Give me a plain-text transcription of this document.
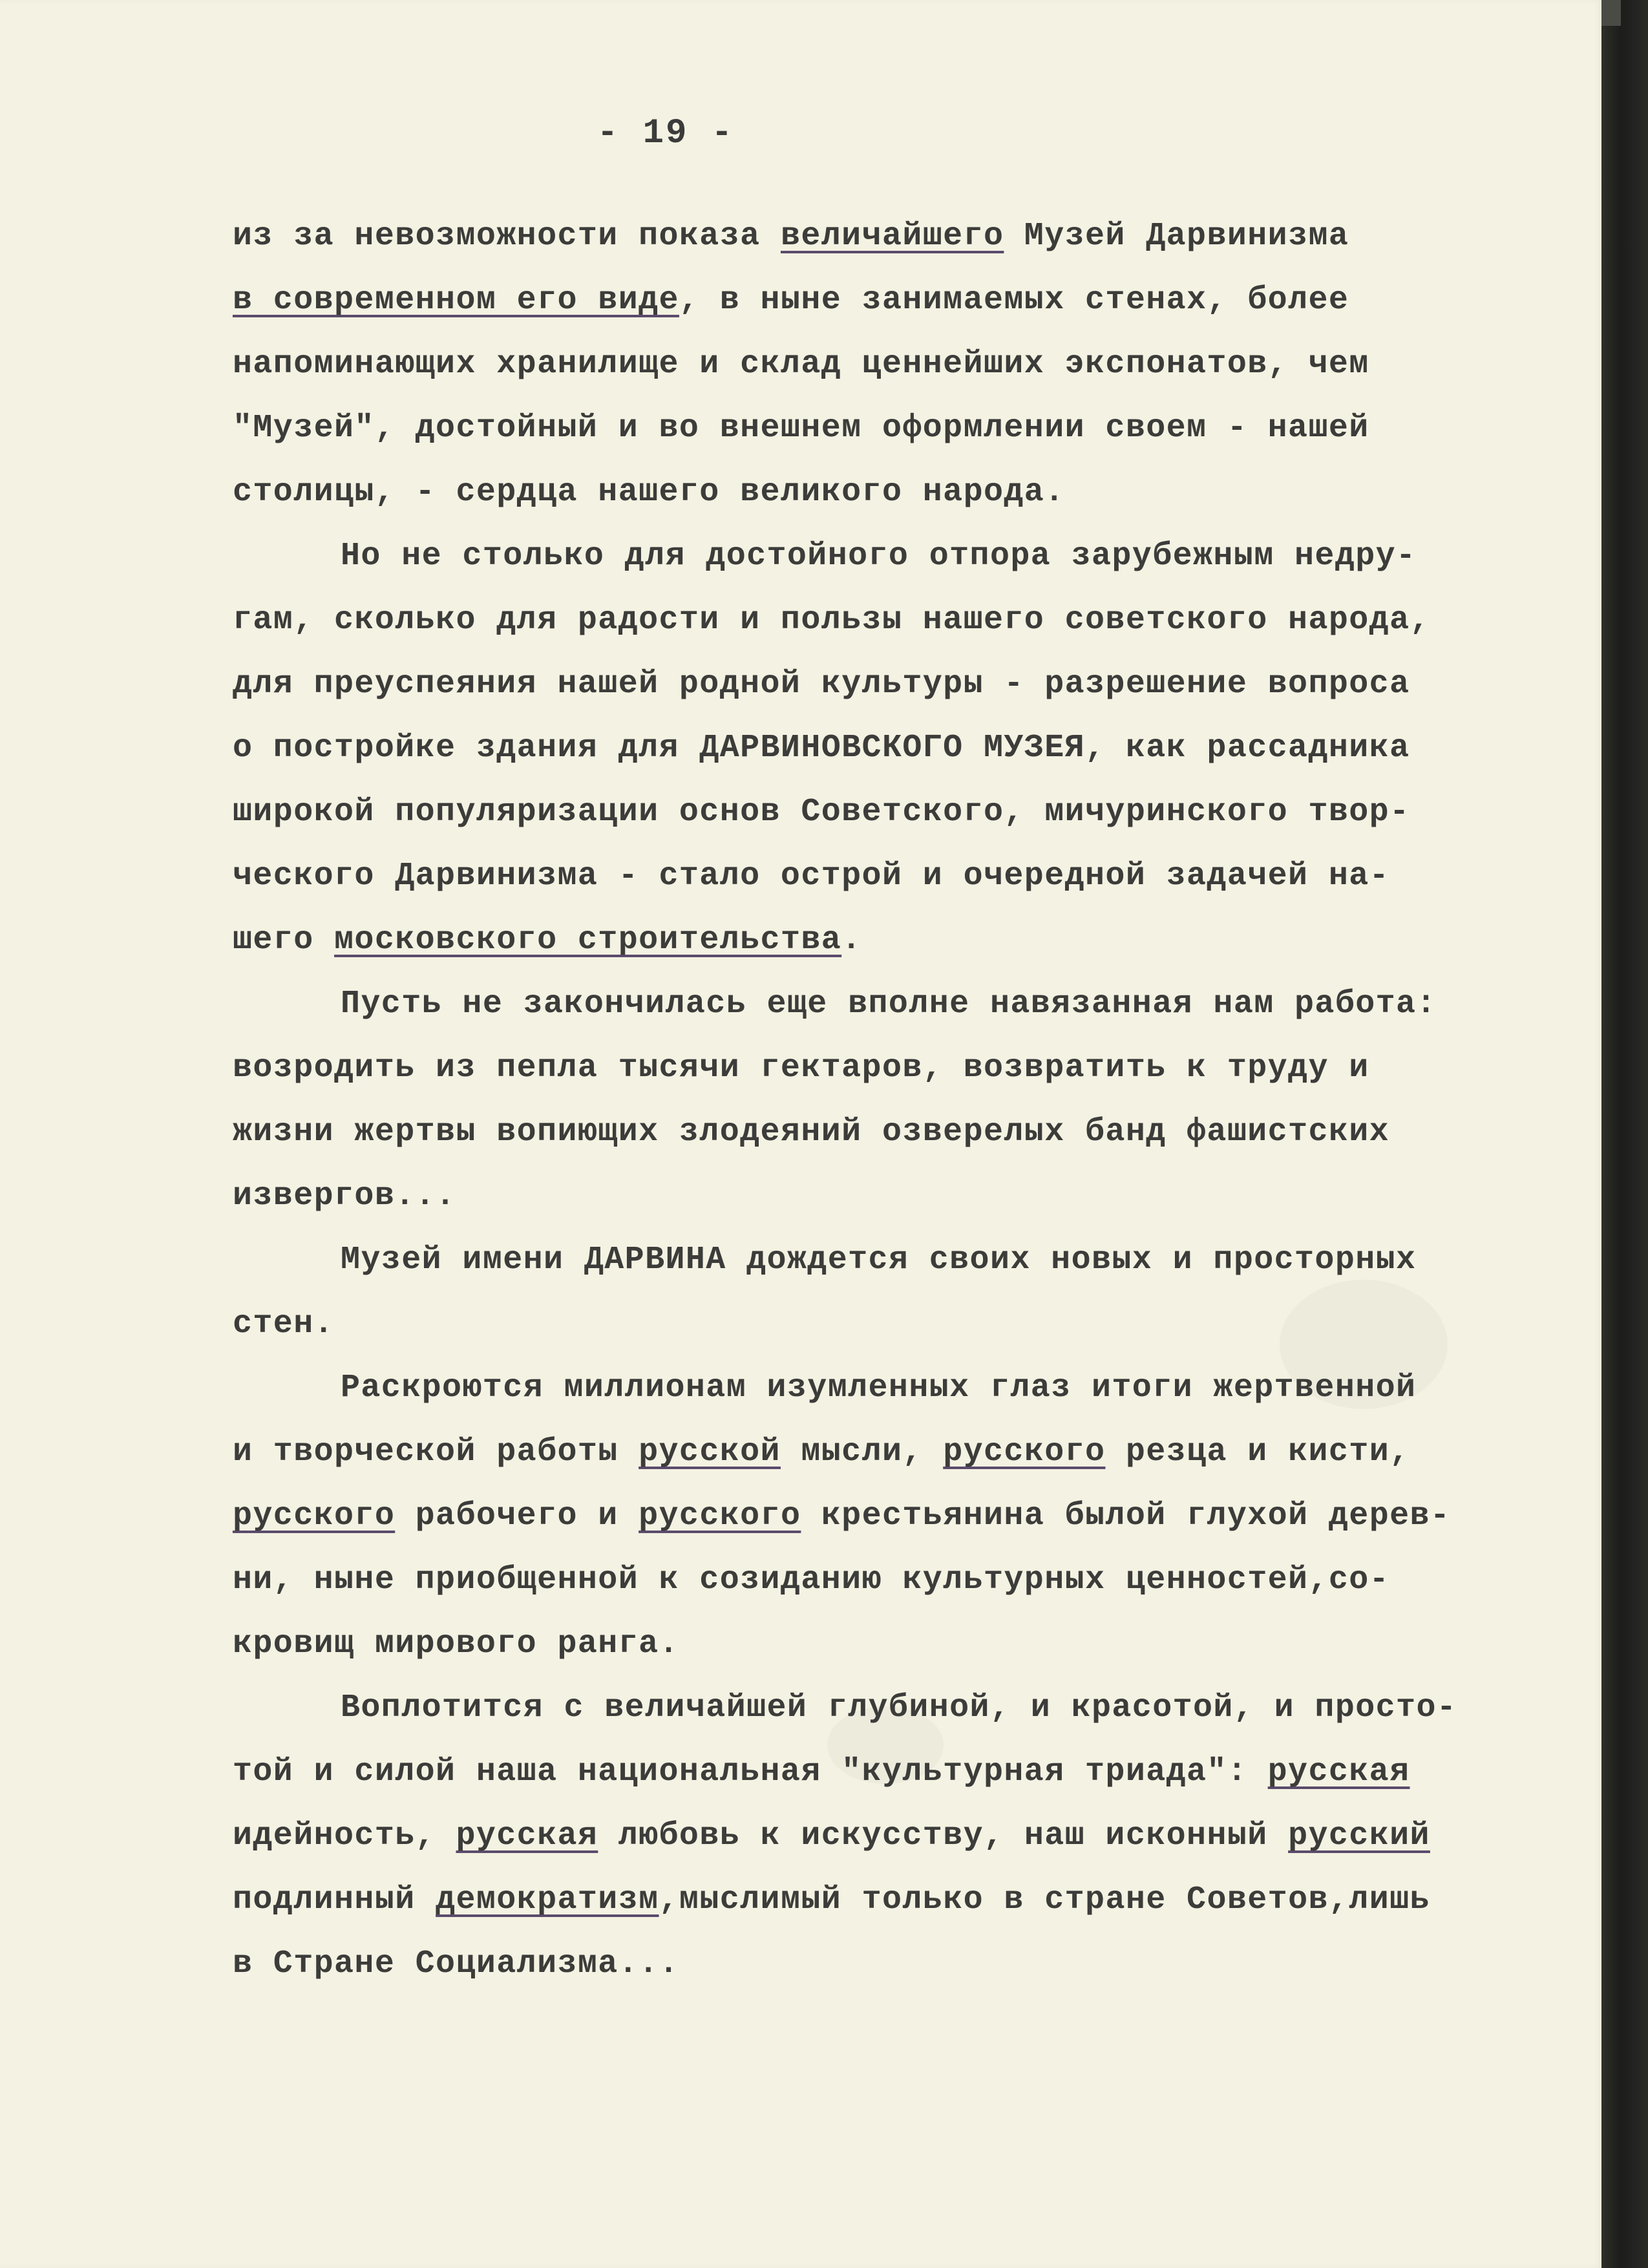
- 19 -
из за невозможности показа величайшего Музей Дарвинизма
в современном его виде, в ныне занимаемых стенах, более
напоминающих хранилище и склад ценнейших экспонатов, чем
"Музей", достойный и во внешнем оформлении своем - нашей
столицы, - сердца нашего великого народа.
Но не столько для достойного отпора зарубежным недру-
гам, сколько для радости и пользы нашего советского народа,
для преуспеяния нашей родной культуры - разрешение вопроса
о постройке здания для ДАРВИНОВСКОГО МУЗЕЯ, как рассадника
широкой популяризации основ Советского, мичуринского твор-
ческого Дарвинизма - стало острой и очередной задачей на-
шего московского строительства.
Пусть не закончилась еще вполне навязанная нам работа:
возродить из пепла тысячи гектаров, возвратить к труду и
жизни жертвы вопиющих злодеяний озверелых банд фашистских
извергов...
Музей имени ДАРВИНА дождется своих новых и просторных
стен.
Раскроются миллионам изумленных глаз итоги жертвенной
и творческой работы русской мысли, русского резца и кисти,
русского рабочего и русского крестьянина былой глухой дерев-
ни, ныне приобщенной к созиданию культурных ценностей,со-
кровищ мирового ранга.
Воплотится с величайшей глубиной, и красотой, и просто-
той и силой наша национальная "культурная триада": русская
идейность, русская любовь к искусству, наш исконный русский
подлинный демократизм,мыслимый только в стране Советов,лишь
в Стране Социализма...
